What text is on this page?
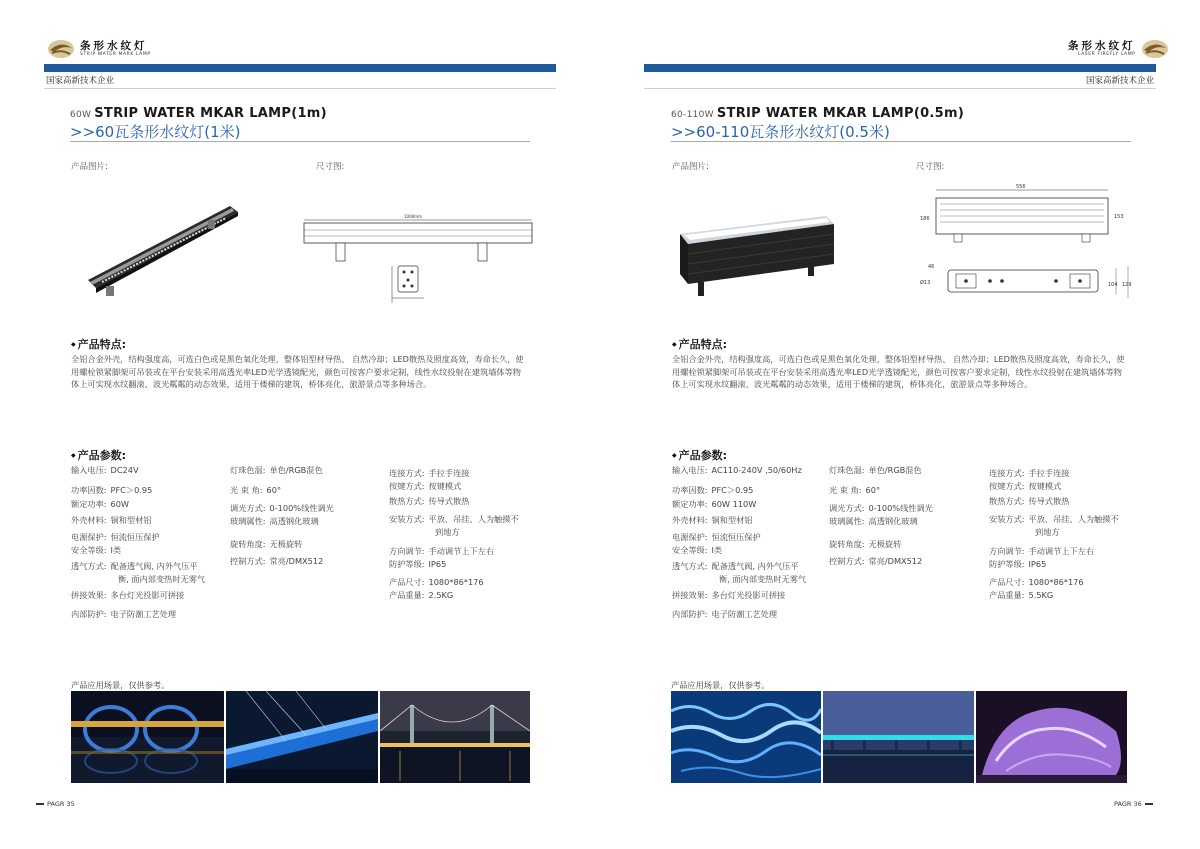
条形水纹灯
STRIP WATER MARK LAMP
国家高新技术企业
60W STRIP WATER MKAR LAMP(1m)
>>60瓦条形水纹灯(1米)
产品图片:	尺寸图:
1000mm
◆ 产品特点:
全铝合金外壳，结构强度高，可选白色或是黑色氧化处理，整体铝型材导热、 自然冷却；LED散热及照度高效，寿命长久，使用螺栓锁紧脚架可吊装或在平台安装采用高透光率LED光学透镜配光，颜色可按客户要求定制，线性水纹投射在建筑墙体等物体上可实现水纹翻滚、波光粼粼的动态效果，适用于楼梯的建筑，桥体亮化，旅游景点等多种场合。
◆ 产品参数:
输入电压: DC24V
功率因数: PFC＞0.95
额定功率: 60W
外壳材料: 铜和型材铝
电源保护: 恒流恒压保护
安全等级: I类
透气方式: 配备透气阀, 内外气压平
衡, 面内部变热时无雾气
拼接效果: 多台灯光投影可拼接
内部防护: 电子防潮工艺处理
灯珠色温: 单色/RGB混色
光 束 角: 60°
调光方式: 0-100%线性调光
玻璃属性: 高透钢化玻璃
旋转角度: 无极旋转
控制方式: 常亮/DMX512
连接方式: 手拉手连接
按键方式: 按键模式
散热方式: 传导式散热
安装方式: 平放、吊挂、人为触摸不
到地方
方向调节: 手动调节上下左右
防护等级: IP65
产品尺寸: 1080*86*176
产品重量: 2.5KG
产品应用场景，仅供参考。
PAGR 35
条形水纹灯
LASER FIREFLY LAMP
国家高新技术企业
60-110W STRIP WATER MKAR LAMP(0.5m)
>>60-110瓦条形水纹灯(0.5米)
产品图片:	尺寸图:
556
186	153
46
Ø13	104 129
◆ 产品特点:
全铝合金外壳，结构强度高，可选白色或是黑色氧化处理，整体铝型材导热、 自然冷却；LED散热及照度高效，寿命长久，使用螺栓锁紧脚架可吊装或在平台安装采用高透光率LED光学透镜配光，颜色可按客户要求定制，线性水纹投射在建筑墙体等物体上可实现水纹翻滚、波光粼粼的动态效果，适用于楼梯的建筑，桥体亮化，旅游景点等多种场合。
◆ 产品参数:
输入电压: AC110-240V ,50/60Hz
功率因数: PFC＞0.95
额定功率: 60W 110W
外壳材料: 铜和型材铝
电源保护: 恒流恒压保护
安全等级: I类
透气方式: 配备透气阀, 内外气压平
衡, 面内部变热时无雾气
拼接效果: 多台灯光投影可拼接
内部防护: 电子防潮工艺处理
灯珠色温: 单色/RGB混色
光 束 角: 60°
调光方式: 0-100%线性调光
玻璃属性: 高透钢化玻璃
旋转角度: 无极旋转
控制方式: 常亮/DMX512
连接方式: 手拉手连接
按键方式: 按键模式
散热方式: 传导式散热
安装方式: 平放、吊挂、人为触摸不
到地方
方向调节: 手动调节上下左右
防护等级: IP65
产品尺寸: 1080*86*176
产品重量: 5.5KG
产品应用场景，仅供参考。
PAGR 36
